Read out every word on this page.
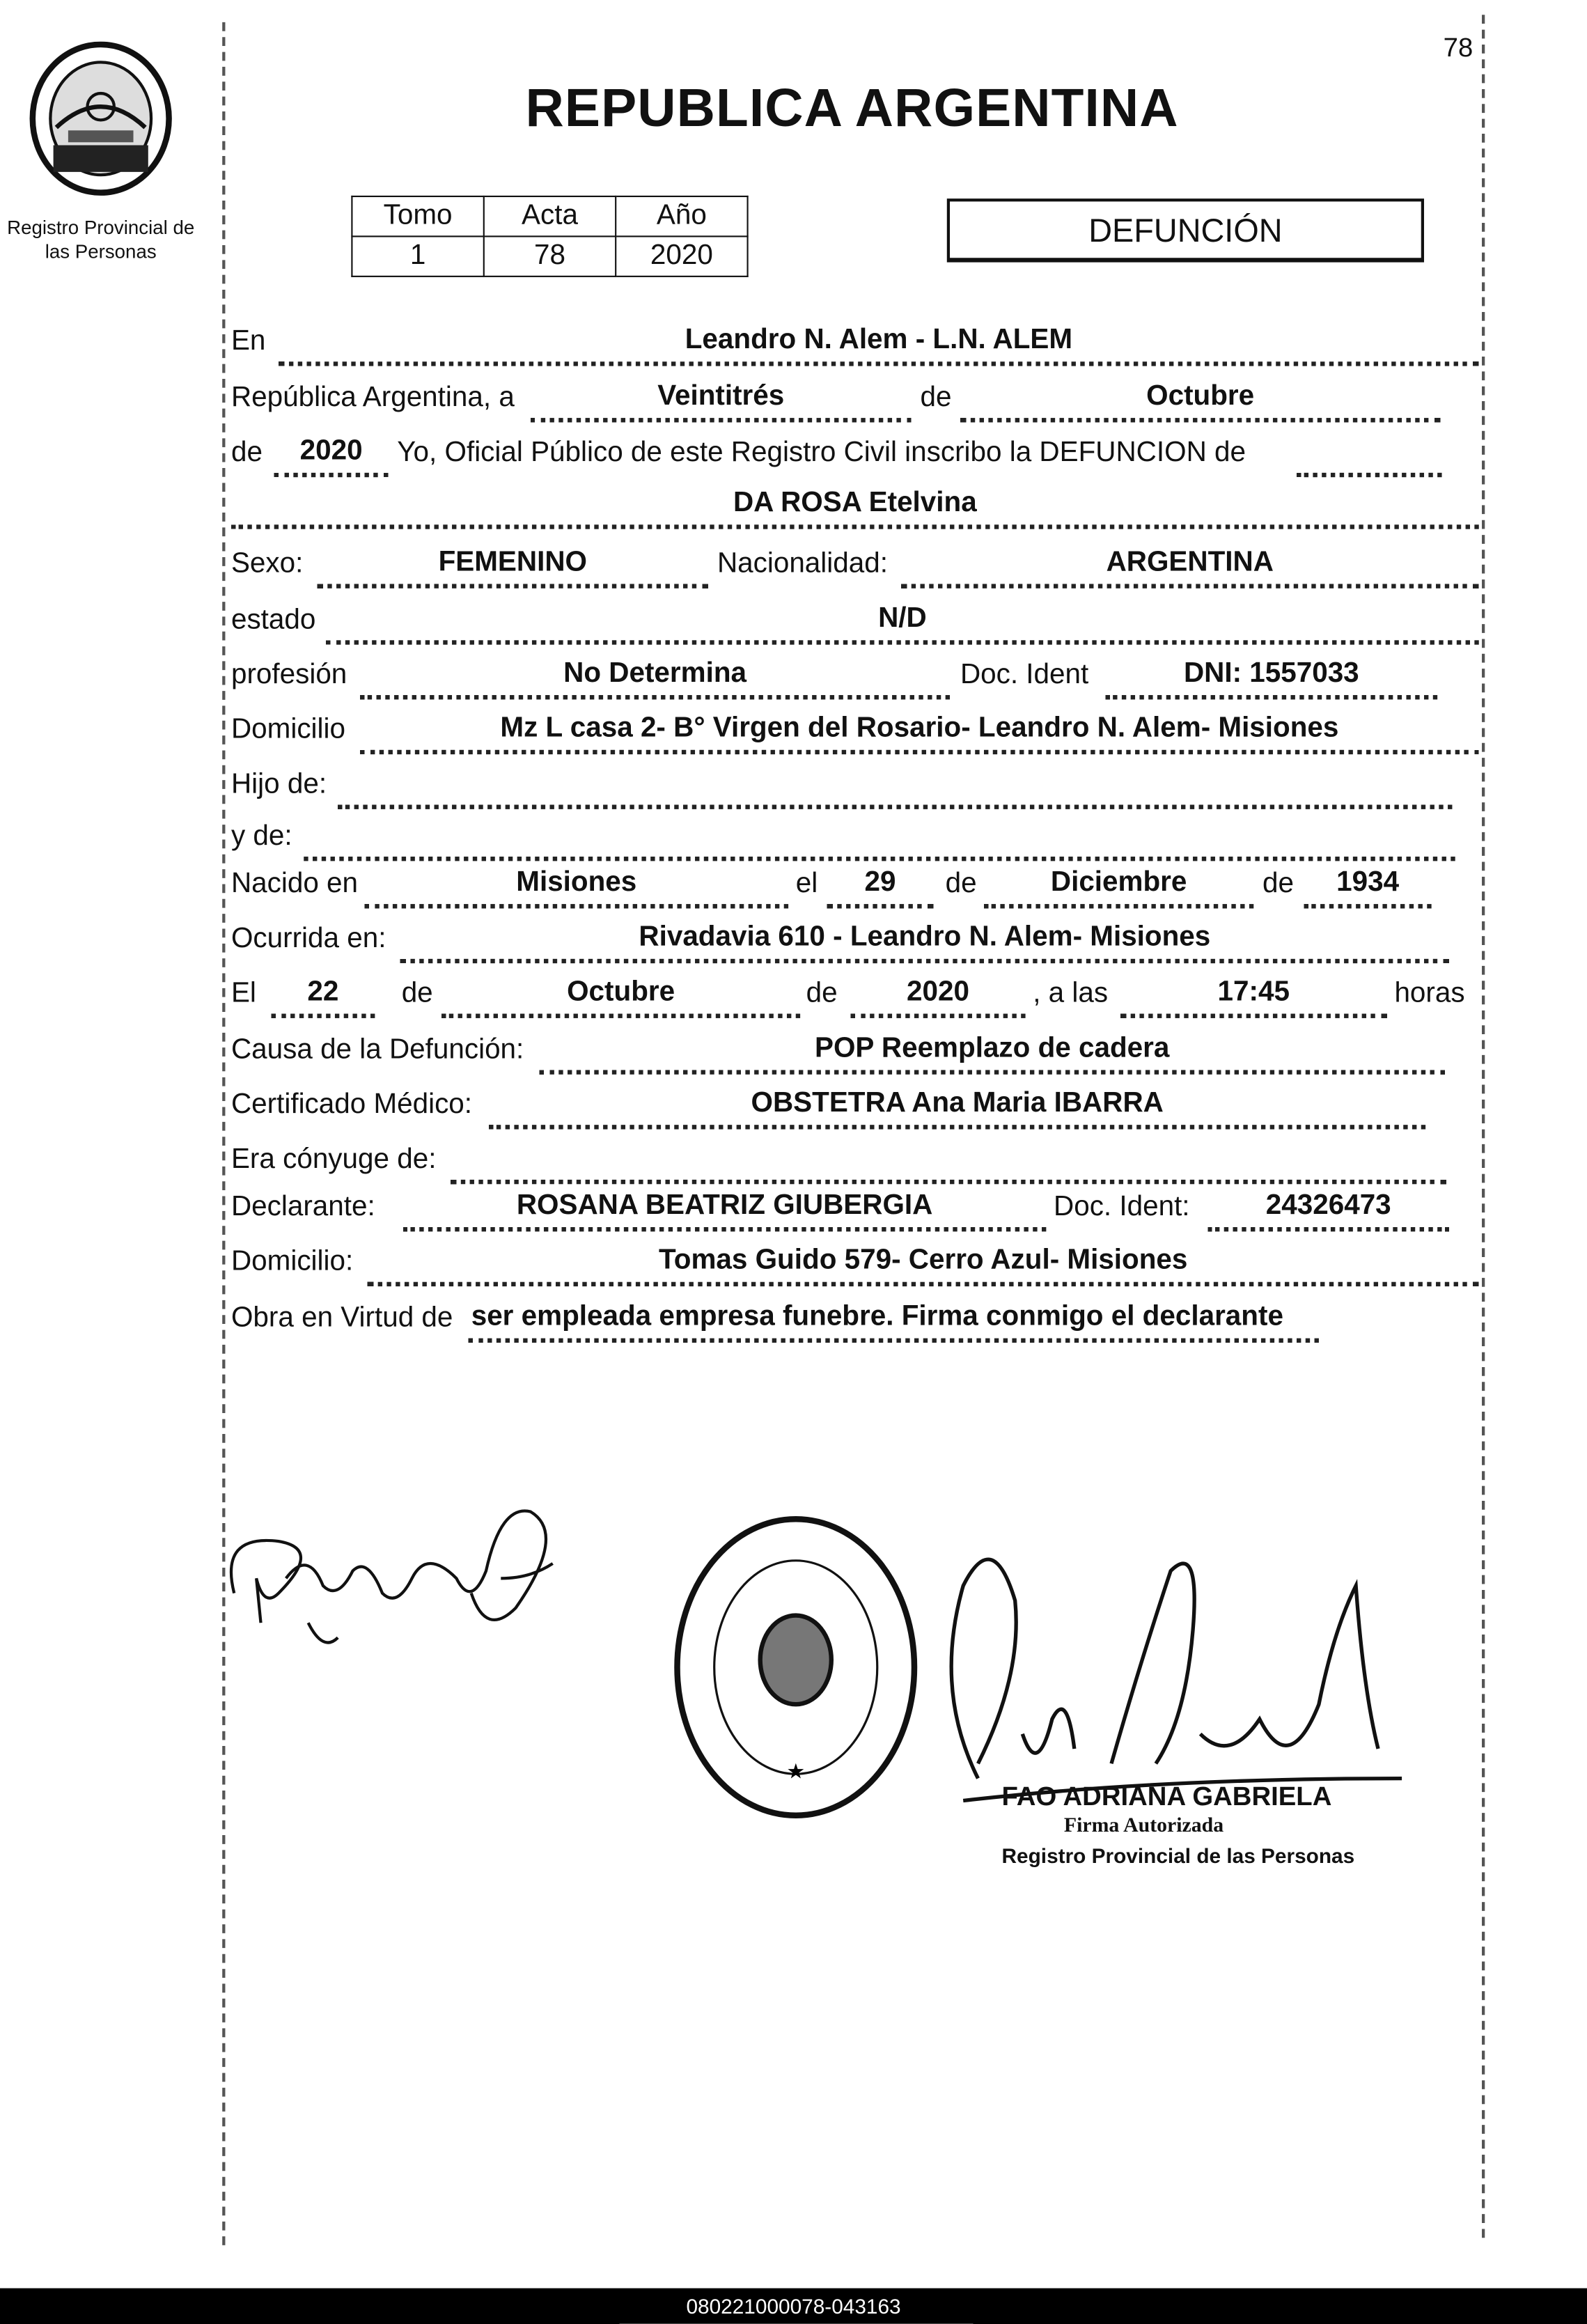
Registro Provincial de las Personas
78
REPUBLICA ARGENTINA
Tomo	Acta	Año
1	78	2020
DEFUNCIÓN
En	Leandro N. Alem - L.N. ALEM
República Argentina, a	Veintitrés	de	Octubre
de	2020	Yo, Oficial Público de este Registro Civil inscribo la DEFUNCION de
DA ROSA Etelvina
Sexo:	FEMENINO	Nacionalidad:	ARGENTINA
estado	N/D
profesión	No Determina	Doc. Ident	DNI: 1557033
Domicilio	Mz L casa 2- B° Virgen del Rosario- Leandro N. Alem- Misiones
Hijo de:
y de:
Nacido en	Misiones	el	29	de	Diciembre	de	1934
Ocurrida en:	Rivadavia 610 - Leandro N. Alem- Misiones
El	22	de	Octubre	de	2020	, a las	17:45	horas
Causa de la Defunción:	POP Reemplazo de cadera
Certificado Médico:	OBSTETRA Ana Maria IBARRA
Era cónyuge de:
Declarante:	ROSANA BEATRIZ GIUBERGIA	Doc. Ident:	24326473
Domicilio:	Tomas Guido 579- Cerro Azul- Misiones
Obra en Virtud de ser empleada empresa funebre. Firma conmigo el declarante
★
FAO ADRIANA GABRIELA
Firma Autorizada
Registro Provincial de las Personas
080221000078-043163
